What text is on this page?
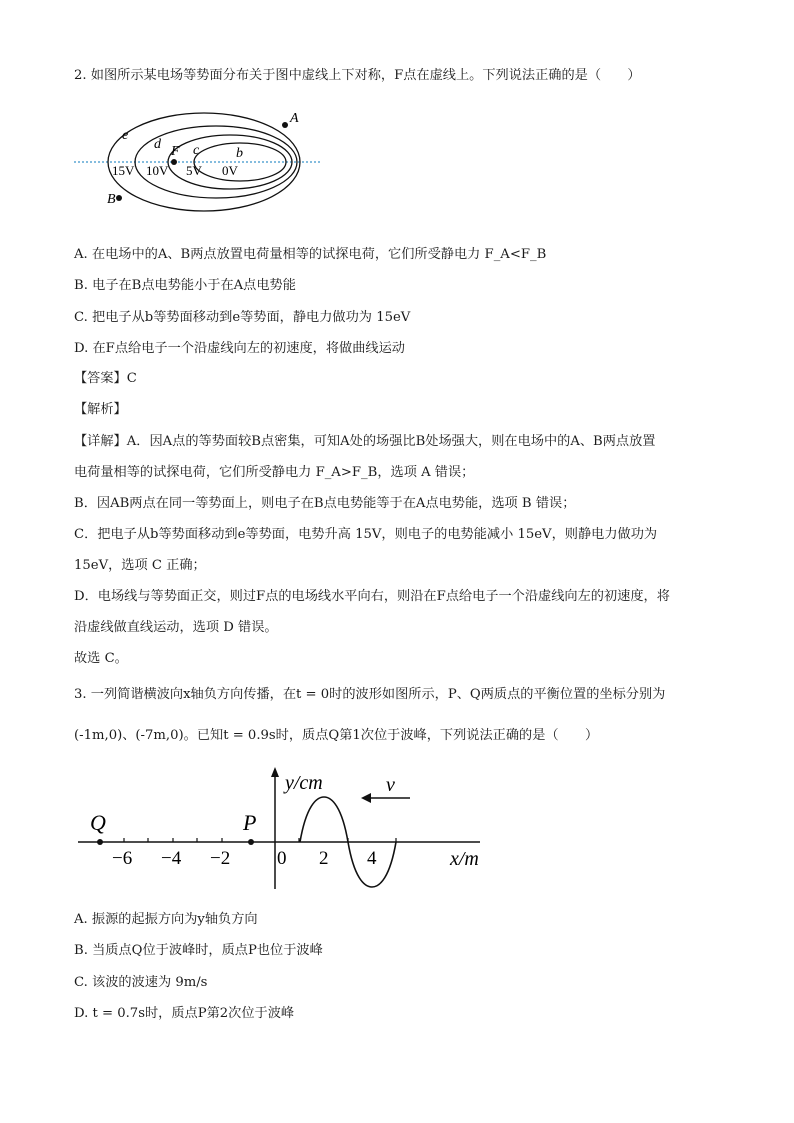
2. 如图所示某电场等势面分布关于图中虚线上下对称，F点在虚线上。下列说法正确的是（　　）
A
B
e
d F c	b
15V 10V 5V 0V
A. 在电场中的A、B两点放置电荷量相等的试探电荷，它们所受静电力 F_A<F_B
B. 电子在B点电势能小于在A点电势能
C. 把电子从b等势面移动到e等势面，静电力做功为 15eV
D. 在F点给电子一个沿虚线向左的初速度，将做曲线运动
【答案】C
【解析】
【详解】A．因A点的等势面较B点密集，可知A处的场强比B处场强大，则在电场中的A、B两点放置
电荷量相等的试探电荷，它们所受静电力 F_A>F_B，选项 A 错误；
B．因AB两点在同一等势面上，则电子在B点电势能等于在A点电势能，选项 B 错误；
C．把电子从b等势面移动到e等势面，电势升高 15V，则电子的电势能减小 15eV，则静电力做功为
15eV，选项 C 正确；
D．电场线与等势面正交，则过F点的电场线水平向右，则沿在F点给电子一个沿虚线向左的初速度，将
沿虚线做直线运动，选项 D 错误。
故选 C。
3. 一列简谐横波向x轴负方向传播，在t = 0时的波形如图所示，P、Q两质点的平衡位置的坐标分别为
(-1m,0)、(-7m,0)。已知t = 0.9s时，质点Q第1次位于波峰，下列说法正确的是（　　）
Q	P
y/cm
x/m
v
−6 −4 −2 0 2 4
A. 振源的起振方向为y轴负方向
B. 当质点Q位于波峰时，质点P也位于波峰
C. 该波的波速为 9m/s
D. t = 0.7s时，质点P第2次位于波峰
